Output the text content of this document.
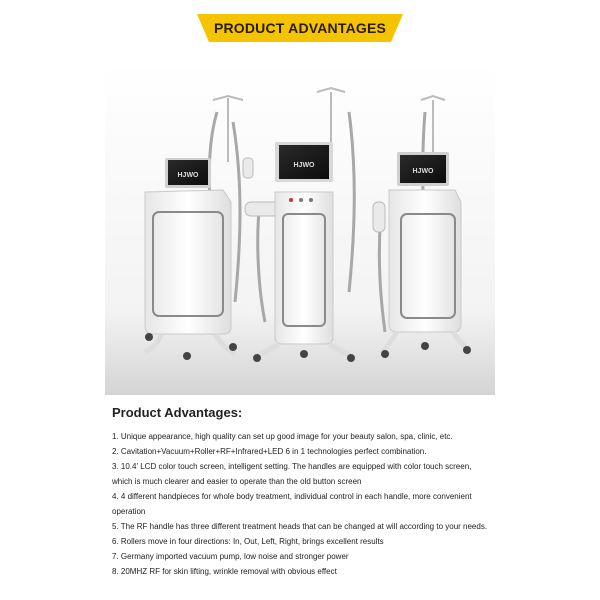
PRODUCT ADVANTAGES
HJWO
HJWO
HJWO
Product Advantages:

1. Unique appearance, high quality can set up good image for your beauty salon, spa, clinic, etc.

2. Cavitation+Vacuum+Roller+RF+Infrared+LED 6 in 1 technologies perfect combination.

3. 10.4' LCD color touch screen, intelligent setting. The handles are equipped with color touch screen, which is much clearer and easier to operate than the old button screen

4. 4 different handpieces for whole body treatment, individual control in each handle, more convenient operation

5. The RF handle has three different treatment heads that can be changed at will according to your needs.

6. Rollers move in four directions: In, Out, Left, Right, brings excellent results

7. Germany imported vacuum pump, low noise and stronger power

8. 20MHZ RF for skin lifting, wrinkle removal with obvious effect
